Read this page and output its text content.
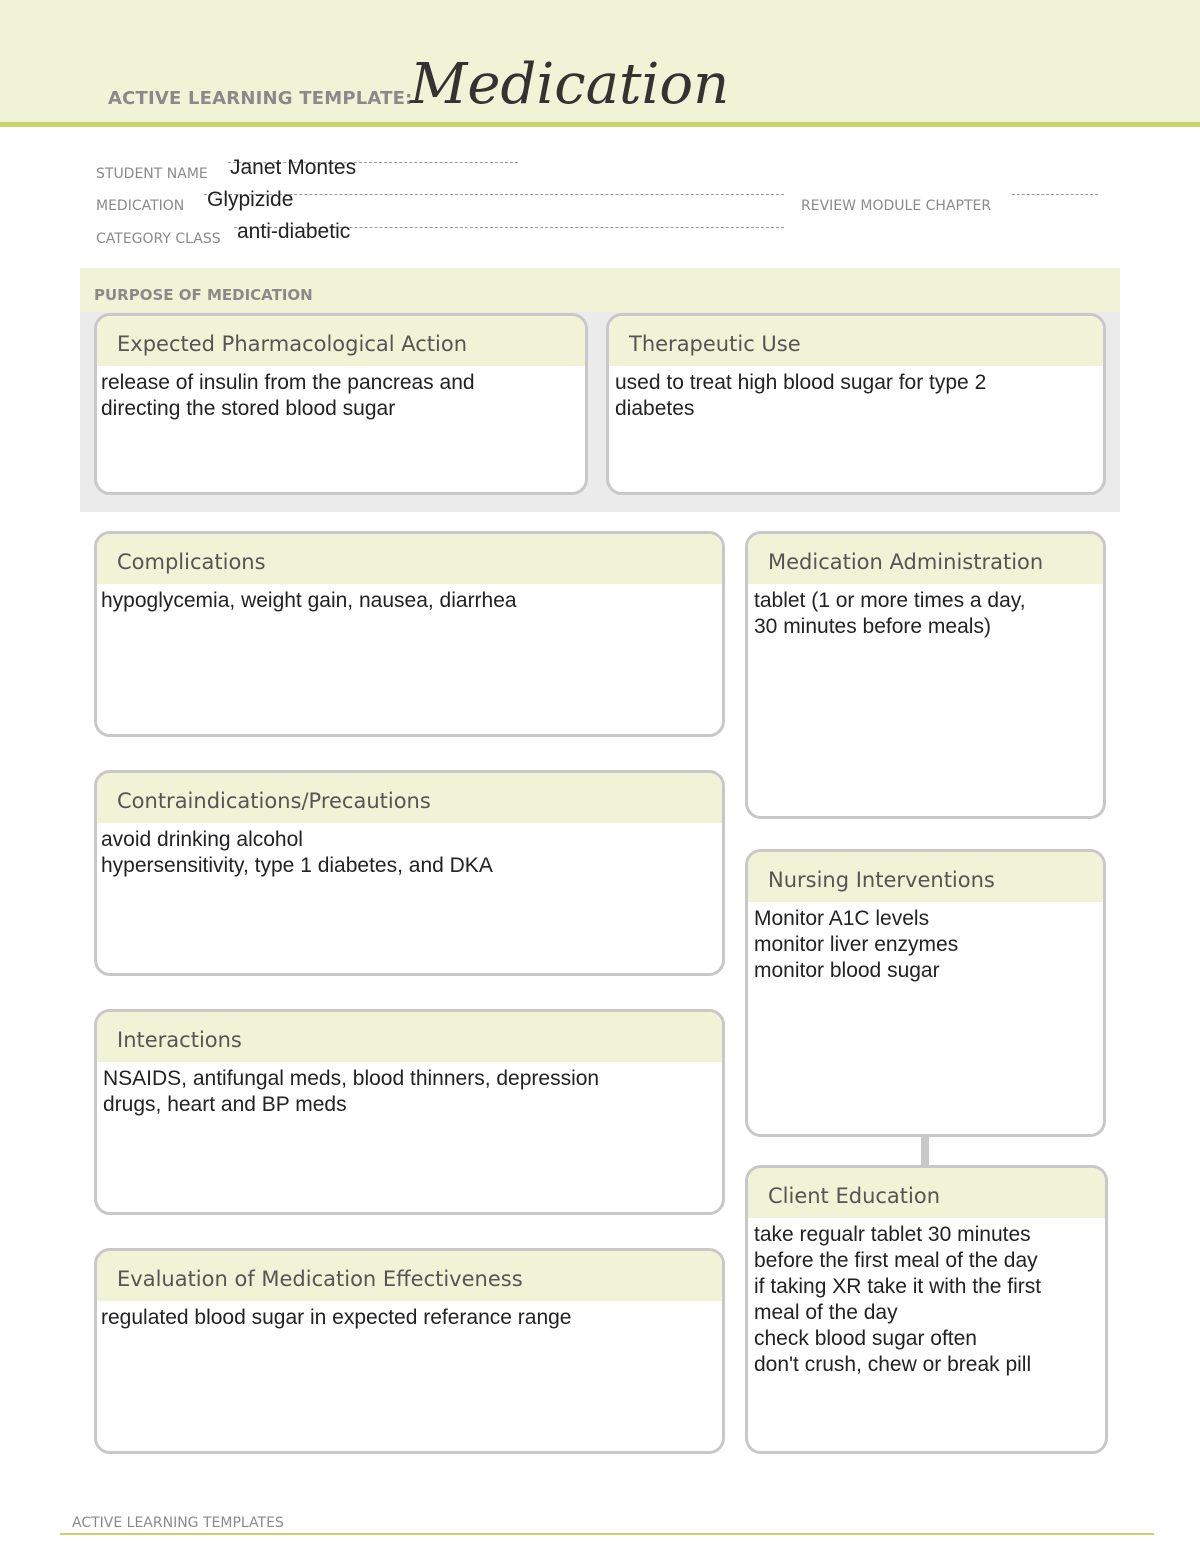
ACTIVE LEARNING TEMPLATE:
Medication
STUDENT NAME Janet Montes
MEDICATION Glypizide	REVIEW MODULE CHAPTER
CATEGORY CLASS anti-diabetic
PURPOSE OF MEDICATION
Expected Pharmacological Action
release of insulin from the pancreas and
directing the stored blood sugar
Therapeutic Use
used to treat high blood sugar for type 2
diabetes
Complications
hypoglycemia, weight gain, nausea, diarrhea
Contraindications/Precautions
avoid drinking alcohol
hypersensitivity, type 1 diabetes, and DKA
Interactions
NSAIDS, antifungal meds, blood thinners, depression
drugs, heart and BP meds
Evaluation of Medication Effectiveness
regulated blood sugar in expected referance range
Medication Administration
tablet (1 or more times a day,
30 minutes before meals)
Nursing Interventions
Monitor A1C levels
monitor liver enzymes
monitor blood sugar
Client Education
take regualr tablet 30 minutes
before the first meal of the day
if taking XR take it with the first
meal of the day
check blood sugar often
don't crush, chew or break pill
ACTIVE LEARNING TEMPLATES
